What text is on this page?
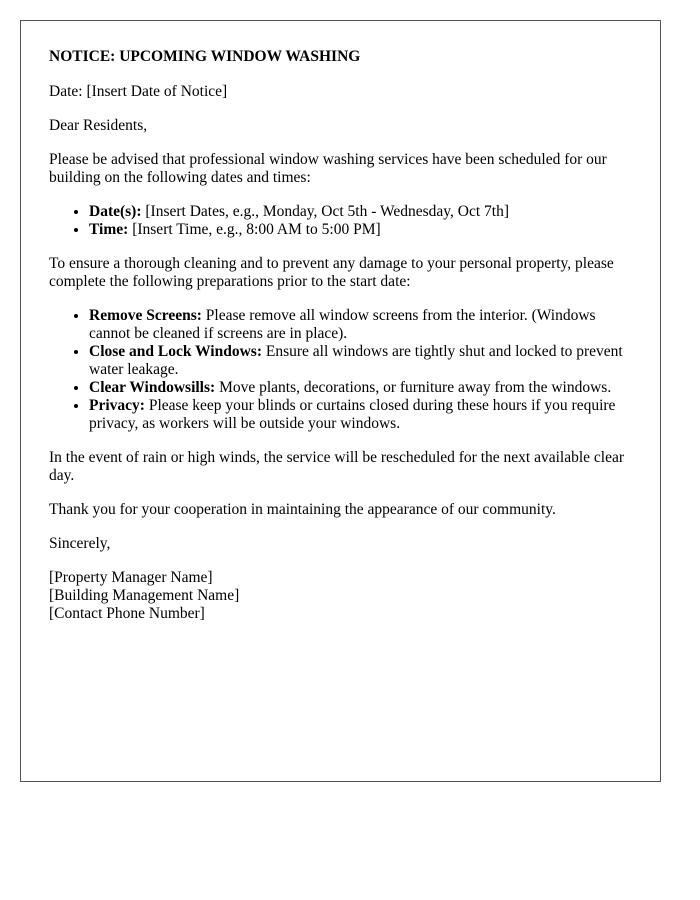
NOTICE: UPCOMING WINDOW WASHING

Date: [Insert Date of Notice]

Dear Residents,

Please be advised that professional window washing services have been scheduled for our building on the following dates and times:

• Date(s): [Insert Dates, e.g., Monday, Oct 5th - Wednesday, Oct 7th]
• Time: [Insert Time, e.g., 8:00 AM to 5:00 PM]

To ensure a thorough cleaning and to prevent any damage to your personal property, please complete the following preparations prior to the start date:

• Remove Screens: Please remove all window screens from the interior. (Windows cannot be cleaned if screens are in place).
• Close and Lock Windows: Ensure all windows are tightly shut and locked to prevent water leakage.
• Clear Windowsills: Move plants, decorations, or furniture away from the windows.
• Privacy: Please keep your blinds or curtains closed during these hours if you require privacy, as workers will be outside your windows.

In the event of rain or high winds, the service will be rescheduled for the next available clear day.

Thank you for your cooperation in maintaining the appearance of our community.

Sincerely,

[Property Manager Name]
[Building Management Name]
[Contact Phone Number]
